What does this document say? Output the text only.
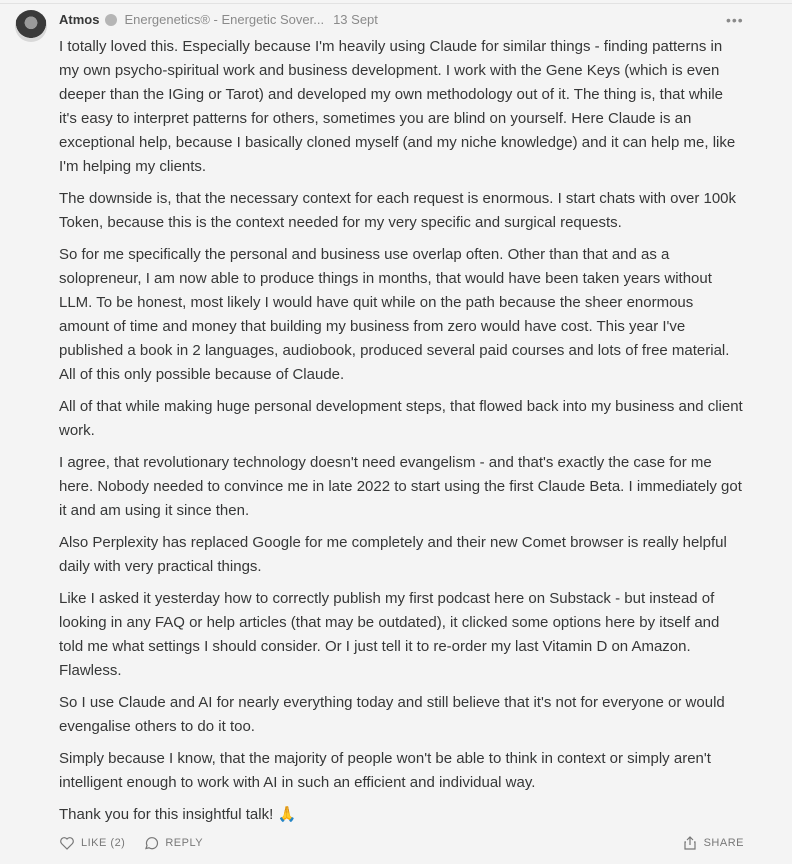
Atmos Energenetics® - Energetic Sover... 13 Sept	•••

I totally loved this. Especially because I'm heavily using Claude for similar things - finding patterns in my own psycho-spiritual work and business development. I work with the Gene Keys (which is even deeper than the IGing or Tarot) and developed my own methodology out of it. The thing is, that while it's easy to interpret patterns for others, sometimes you are blind on yourself. Here Claude is an exceptional help, because I basically cloned myself (and my niche knowledge) and it can help me, like I'm helping my clients.

The downside is, that the necessary context for each request is enormous. I start chats with over 100k Token, because this is the context needed for my very specific and surgical requests.

So for me specifically the personal and business use overlap often. Other than that and as a solopreneur, I am now able to produce things in months, that would have been taken years without LLM. To be honest, most likely I would have quit while on the path because the sheer enormous amount of time and money that building my business from zero would have cost. This year I've published a book in 2 languages, audiobook, produced several paid courses and lots of free material. All of this only possible because of Claude.

All of that while making huge personal development steps, that flowed back into my business and client work.

I agree, that revolutionary technology doesn't need evangelism - and that's exactly the case for me here. Nobody needed to convince me in late 2022 to start using the first Claude Beta. I immediately got it and am using it since then.

Also Perplexity has replaced Google for me completely and their new Comet browser is really helpful daily with very practical things.

Like I asked it yesterday how to correctly publish my first podcast here on Substack - but instead of looking in any FAQ or help articles (that may be outdated), it clicked some options here by itself and told me what settings I should consider. Or I just tell it to re-order my last Vitamin D on Amazon. Flawless.

So I use Claude and AI for nearly everything today and still believe that it's not for everyone or would evengalise others to do it too.

Simply because I know, that the majority of people won't be able to think in context or simply aren't intelligent enough to work with AI in such an efficient and individual way.

Thank you for this insightful talk! 🙏

LIKE (2)	REPLY	SHARE
